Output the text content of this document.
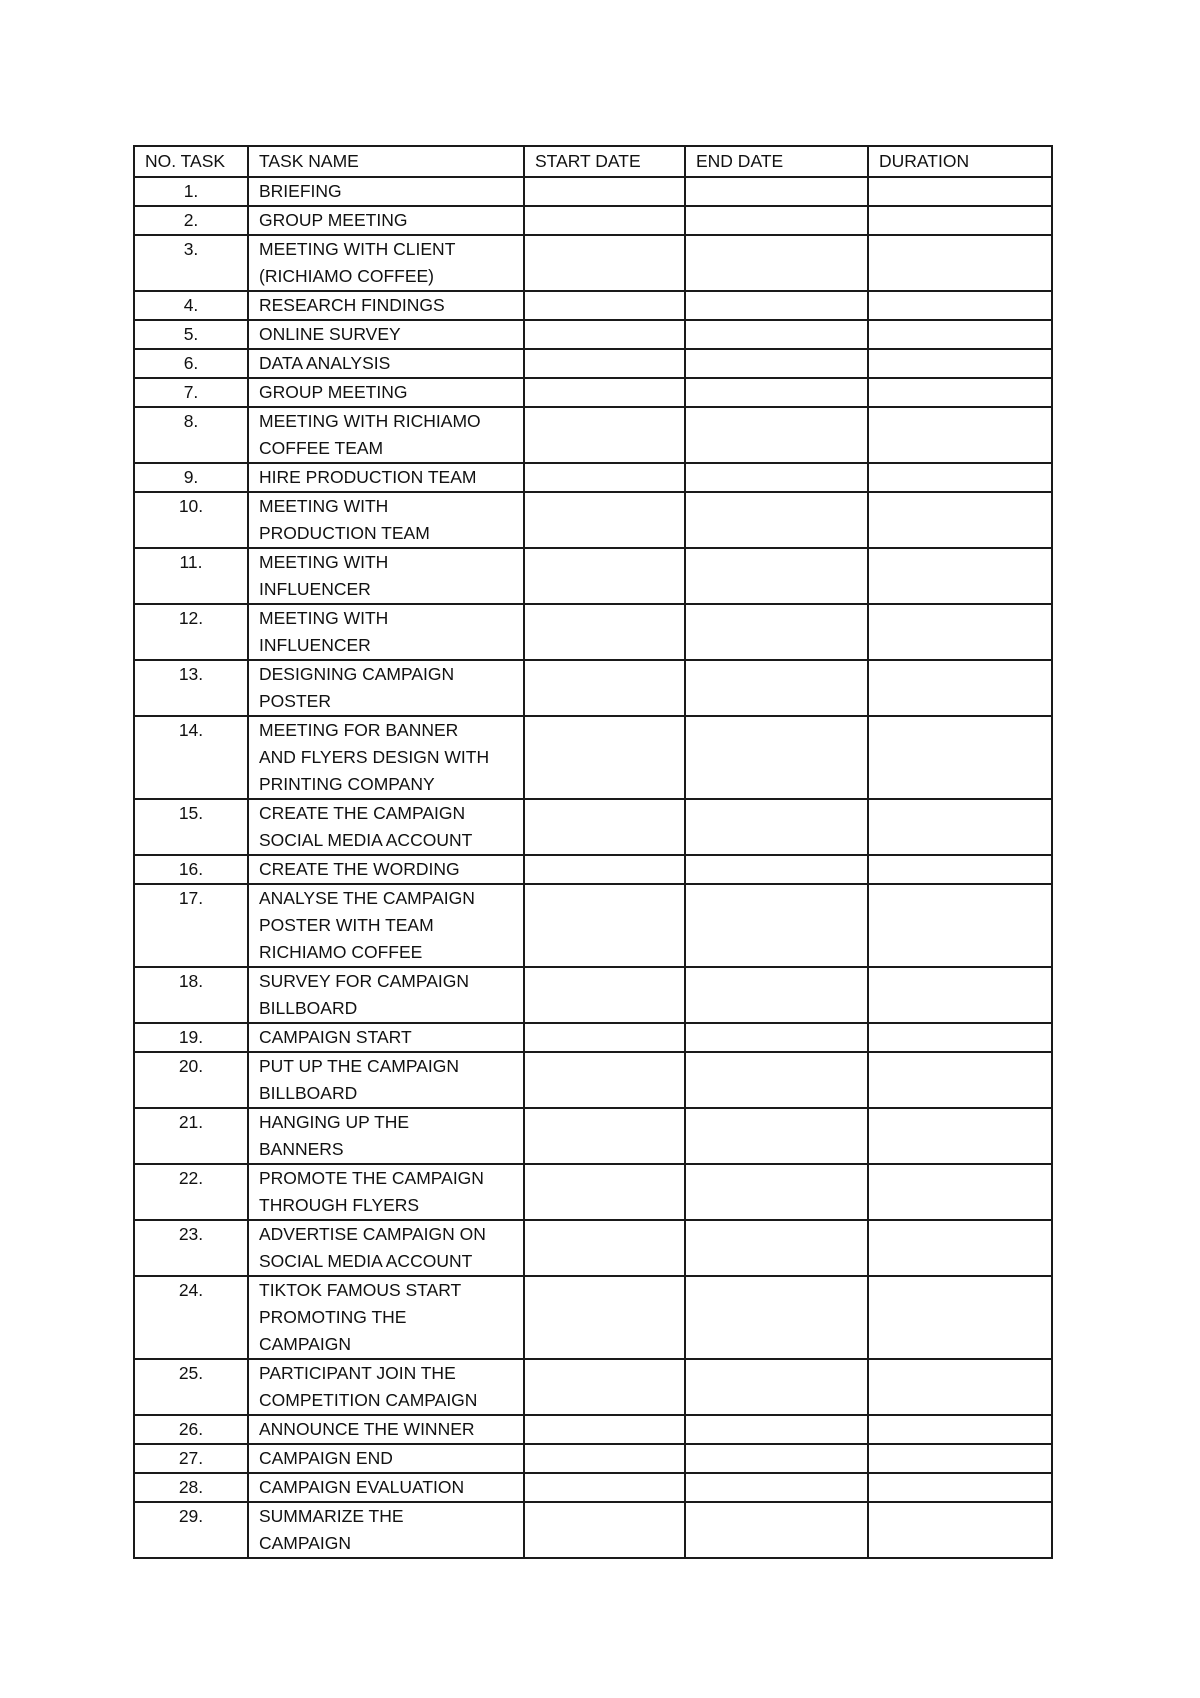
NO. TASK	TASK NAME	START DATE	END DATE	DURATION
1.	BRIEFING			

2.	GROUP MEETING			

3.	MEETING WITH CLIENT
(RICHIAMO COFFEE)			

4.	RESEARCH FINDINGS			

5.	ONLINE SURVEY			

6.	DATA ANALYSIS			

7.	GROUP MEETING			

8.	MEETING WITH RICHIAMO
COFFEE TEAM			

9.	HIRE PRODUCTION TEAM			

10.	MEETING WITH
PRODUCTION TEAM			

11.	MEETING WITH
INFLUENCER			

12.	MEETING WITH
INFLUENCER			

13.	DESIGNING CAMPAIGN
POSTER			

14.	MEETING FOR BANNER
AND FLYERS DESIGN WITH
PRINTING COMPANY			

15.	CREATE THE CAMPAIGN
SOCIAL MEDIA ACCOUNT			

16.	CREATE THE WORDING			

17.	ANALYSE THE CAMPAIGN
POSTER WITH TEAM
RICHIAMO COFFEE			

18.	SURVEY FOR CAMPAIGN
BILLBOARD			

19.	CAMPAIGN START			

20.	PUT UP THE CAMPAIGN
BILLBOARD			

21.	HANGING UP THE
BANNERS			

22.	PROMOTE THE CAMPAIGN
THROUGH FLYERS			

23.	ADVERTISE CAMPAIGN ON
SOCIAL MEDIA ACCOUNT			

24.	TIKTOK FAMOUS START
PROMOTING THE
CAMPAIGN			

25.	PARTICIPANT JOIN THE
COMPETITION CAMPAIGN			

26.	ANNOUNCE THE WINNER			

27.	CAMPAIGN END			

28.	CAMPAIGN EVALUATION			

29.	SUMMARIZE THE
CAMPAIGN			
